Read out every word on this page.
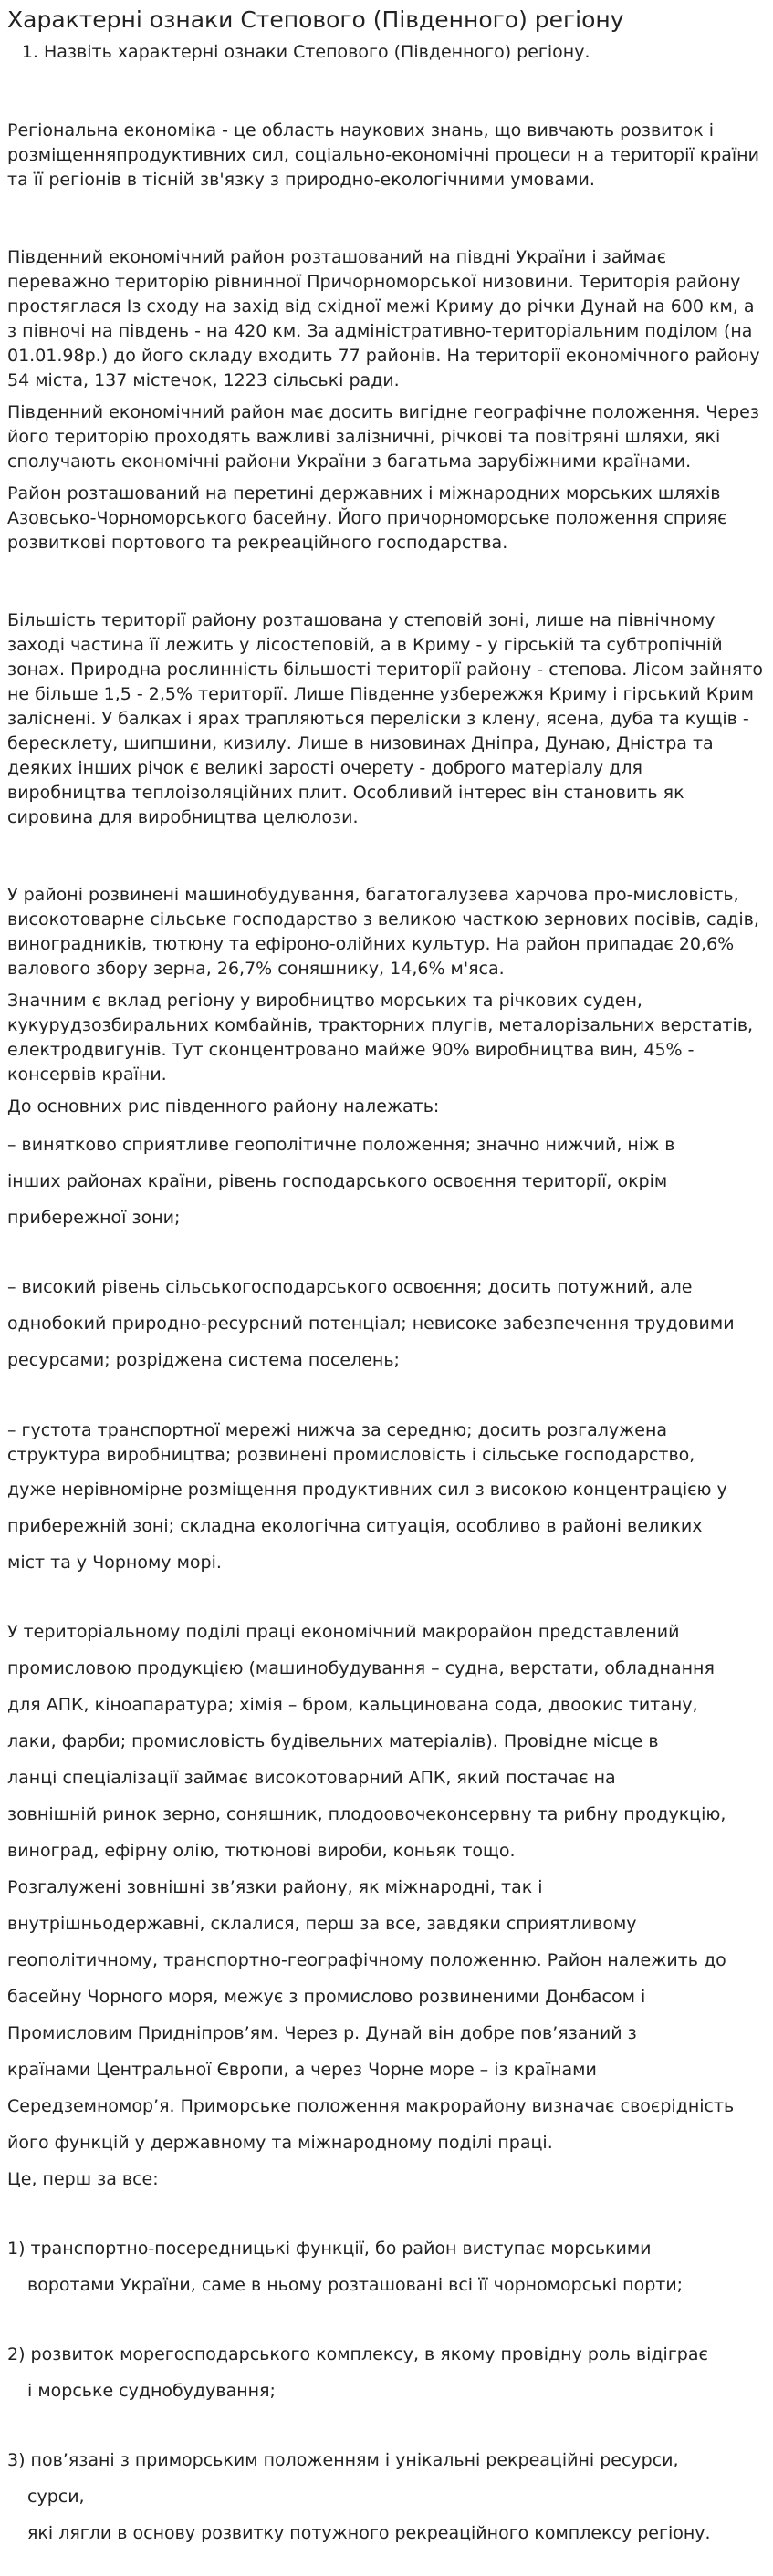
Характерні ознаки Степового (Південного) регіону
1. Назвіть характерні ознаки Степового (Південного) регіону.

Регіональна економіка - це область наукових знань, що вивчають розвиток і розміщенняпродуктивних сил, соціально-економічні процеси н а території країни та її регіонів в тісній зв'язку з природно-екологічними умовами.

Південний економічний район розташований на півдні України і займає переважно територію рівнинної Причорноморської низовини. Територія району простяглася Із сходу на захід від східної межі Криму до річки Дунай на 600 км, а з півночі на південь - на 420 км. За адміністративно-територіальним поділом (на 01.01.98р.) до його складу входить 77 районів. На території економічного району 54 міста, 137 містечок, 1223 сільські ради.

Південний економічний район має досить вигідне географічне положення. Через його територію проходять важливі залізничні, річкові та повітряні шляхи, які сполучають економічні райони України з багатьма зарубіжними країнами.

Район розташований на перетині державних і міжнародних морських шляхів Азовсько-Чорноморського басейну. Його причорноморське положення сприяє розвиткові портового та рекреаційного господарства.

Більшість території району розташована у степовій зоні, лише на північному заході частина її лежить у лісостеповій, а в Криму - у гірській та субтропічній зонах. Природна рослинність більшості території району - степова. Лісом зайнято не більше 1,5 - 2,5% території. Лише Південне узбережжя Криму і гірський Крим заліснені. У балках і ярах трапляються переліски з клену, ясена, дуба та кущів - бересклету, шипшини, кизилу. Лише в низовинах Дніпра, Дунаю, Дністра та деяких інших річок є великі зарості очерету - доброго матеріалу для виробництва теплоізоляційних плит. Особливий інтерес він становить як сировина для виробництва целюлози.

У районі розвинені машинобудування, багатогалузева харчова про-мисловість, високотоварне сільське господарство з великою часткою зернових посівів, садів, виноградників, тютюну та ефіроно-олійних культур. На район припадає 20,6% валового збору зерна, 26,7% соняшнику, 14,6% м'яса.

Значним є вклад регіону у виробництво морських та річкових суден, кукурудзозбиральних комбайнів, тракторних плугів, металорізальних верстатів, електродвигунів. Тут сконцентровано майже 90% виробництва вин, 45% - консервів країни.

До основних рис південного району належать:

– винятково сприятливе геополітичне положення; значно нижчий, ніж в
інших районах країни, рівень господарського освоєння території, окрім
прибережної зони;
– високий рівень сільськогосподарського освоєння; досить потужний, але
однобокий природно-ресурсний потенціал; невисоке забезпечення трудовими
ресурсами; розріджена система поселень;
– густота транспортної мережі нижча за середню; досить розгалужена структура виробництва; розвинені промисловість і сільське господарство,
дуже нерівномірне розміщення продуктивних сил з високою концентрацією у
прибережній зоні; складна екологічна ситуація, особливо в районі великих
міст та у Чорному морі.
У територіальному поділі праці економічний макрорайон представлений
промисловою продукцією (машинобудування – судна, верстати, обладнання
для АПК, кіноапаратура; хімія – бром, кальцинована сода, двоокис титану,
лаки, фарби; промисловість будівельних матеріалів). Провідне місце в
ланці спеціалізації займає високотоварний АПК, який постачає на
зовнішній ринок зерно, соняшник, плодоовочеконсервну та рибну продукцію,
виноград, ефірну олію, тютюнові вироби, коньяк тощо.
Розгалужені зовнішні зв’язки району, як міжнародні, так і
внутрішньодержавні, склалися, перш за все, завдяки сприятливому
геополітичному, транспортно-географічному положенню. Район належить до
басейну Чорного моря, межує з промислово розвиненими Донбасом і
Промисловим Придніпров’ям. Через р. Дунай він добре пов’язаний з
країнами Центральної Європи, а через Чорне море – із країнами
Середземномор’я. Приморське положення макрорайону визначає своєрідність
його функцій у державному та міжнародному поділі праці.
Це, перш за все:
1) транспортно-посередницькі функції, бо район виступає морськими
воротами України, саме в ньому розташовані всі її чорноморські порти;
2) розвиток морегосподарського комплексу, в якому провідну роль відіграє
і морське суднобудування;
3) пов’язані з приморським положенням і унікальні рекреаційні ресурси,
сурси,
які лягли в основу розвитку потужного рекреаційного комплексу регіону.
